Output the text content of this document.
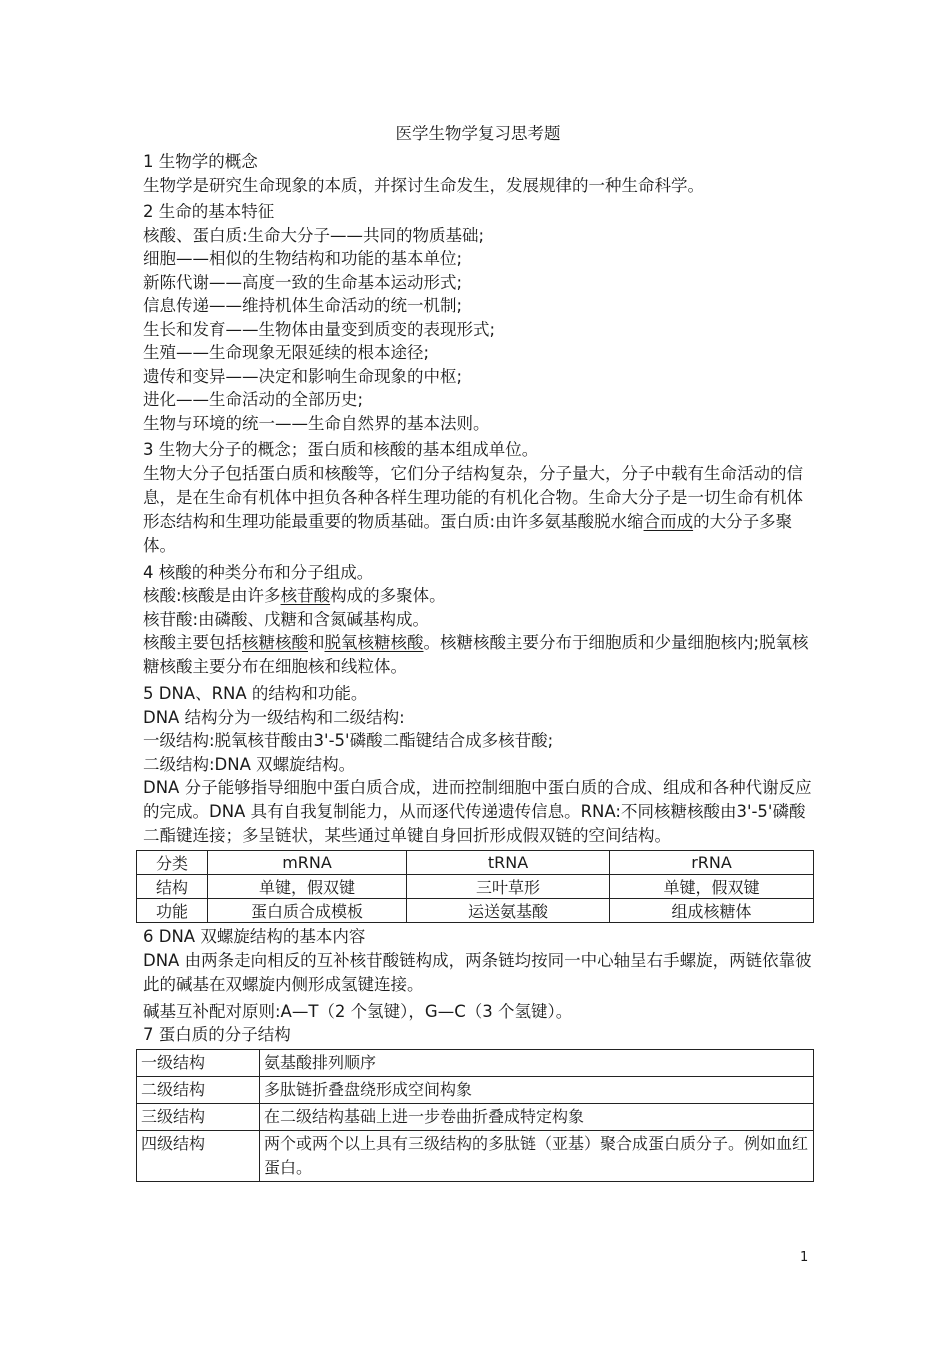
医学生物学复习思考题

1 生物学的概念

生物学是研究生命现象的本质，并探讨生命发生，发展规律的一种生命科学。

2 生命的基本特征

核酸、蛋白质:生命大分子——共同的物质基础;

细胞——相似的生物结构和功能的基本单位;

新陈代谢——高度一致的生命基本运动形式;

信息传递——维持机体生命活动的统一机制;

生长和发育——生物体由量变到质变的表现形式;

生殖——生命现象无限延续的根本途径;

遗传和变异——决定和影响生命现象的中枢;

进化——生命活动的全部历史;

生物与环境的统一——生命自然界的基本法则。

3 生物大分子的概念；蛋白质和核酸的基本组成单位。

生物大分子包括蛋白质和核酸等，它们分子结构复杂，分子量大，分子中载有生命活动的信息，是在生命有机体中担负各种各样生理功能的有机化合物。生命大分子是一切生命有机体形态结构和生理功能最重要的物质基础。蛋白质:由许多氨基酸脱水缩合而成的大分子多聚体。

4 核酸的种类分布和分子组成。

核酸:核酸是由许多核苷酸构成的多聚体。

核苷酸:由磷酸、戊糖和含氮碱基构成。

核酸主要包括核糖核酸和脱氧核糖核酸。核糖核酸主要分布于细胞质和少量细胞核内;脱氧核糖核酸主要分布在细胞核和线粒体。

5 DNA、RNA 的结构和功能。

DNA 结构分为一级结构和二级结构:

一级结构:脱氧核苷酸由3'-5'磷酸二酯键结合成多核苷酸;

二级结构:DNA 双螺旋结构。

DNA 分子能够指导细胞中蛋白质合成，进而控制细胞中蛋白质的合成、组成和各种代谢反应的完成。DNA 具有自我复制能力，从而逐代传递遗传信息。RNA:不同核糖核酸由3'-5'磷酸二酯键连接；多呈链状，某些通过单键自身回折形成假双链的空间结构。

分类	mRNA	tRNA	rRNA
结构	单键，假双键	三叶草形	单键，假双键
功能	蛋白质合成模板	运送氨基酸	组成核糖体

6 DNA 双螺旋结构的基本内容

DNA 由两条走向相反的互补核苷酸链构成，两条链均按同一中心轴呈右手螺旋，两链依靠彼此的碱基在双螺旋内侧形成氢键连接。

碱基互补配对原则:A—T（2 个氢键），G—C（3 个氢键）。

7 蛋白质的分子结构

一级结构	氨基酸排列顺序
二级结构	多肽链折叠盘绕形成空间构象
三级结构	在二级结构基础上进一步卷曲折叠成特定构象
四级结构	两个或两个以上具有三级结构的多肽链（亚基）聚合成蛋白质分子。例如血红蛋白。
1
